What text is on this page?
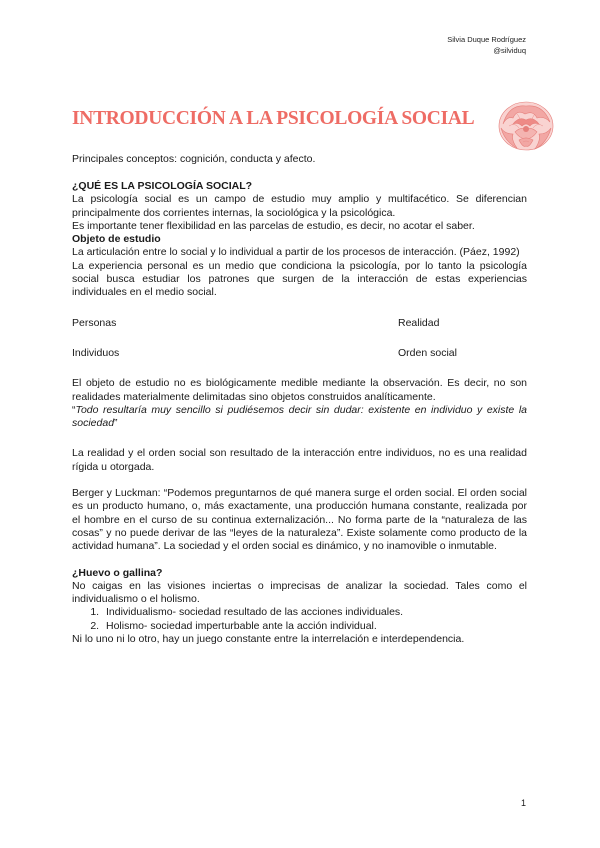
Silvia Duque Rodríguez
@silviduq
INTRODUCCIÓN A LA PSICOLOGÍA SOCIAL
Principales conceptos: cognición, conducta y afecto.

¿QUÉ ES LA PSICOLOGÍA SOCIAL?

La psicología social es un campo de estudio muy amplio y multifacético. Se diferencian principalmente dos corrientes internas, la sociológica y la psicológica.

Es importante tener flexibilidad en las parcelas de estudio, es decir, no acotar el saber.

Objeto de estudio

La articulación entre lo social y lo individual a partir de los procesos de interacción. (Páez, 1992)

La experiencia personal es un medio que condiciona la psicología, por lo tanto la psicología social busca estudiar los patrones que surgen de la interacción de estas experiencias individuales en el medio social.

Personas	Realidad
Individuos	Orden social

El objeto de estudio no es biológicamente medible mediante la observación. Es decir, no son realidades materialmente delimitadas sino objetos construidos analíticamente.

“Todo resultaría muy sencillo si pudiésemos decir sin dudar: existente en individuo y existe la sociedad”

La realidad y el orden social son resultado de la interacción entre individuos, no es una realidad rígida u otorgada.

Berger y Luckman: “Podemos preguntarnos de qué manera surge el orden social. El orden social es un producto humano, o, más exactamente, una producción humana constante, realizada por el hombre en el curso de su continua externalización... No forma parte de la “naturaleza de las cosas” y no puede derivar de las “leyes de la naturaleza”. Existe solamente como producto de la actividad humana”. La sociedad y el orden social es dinámico, y no inamovible o inmutable.

¿Huevo o gallina?

No caigas en las visiones inciertas o imprecisas de analizar la sociedad. Tales como el individualismo o el holismo.

1. Individualismo- sociedad resultado de las acciones individuales.
2. Holismo- sociedad imperturbable ante la acción individual.

Ni lo uno ni lo otro, hay un juego constante entre la interrelación e interdependencia.

1
